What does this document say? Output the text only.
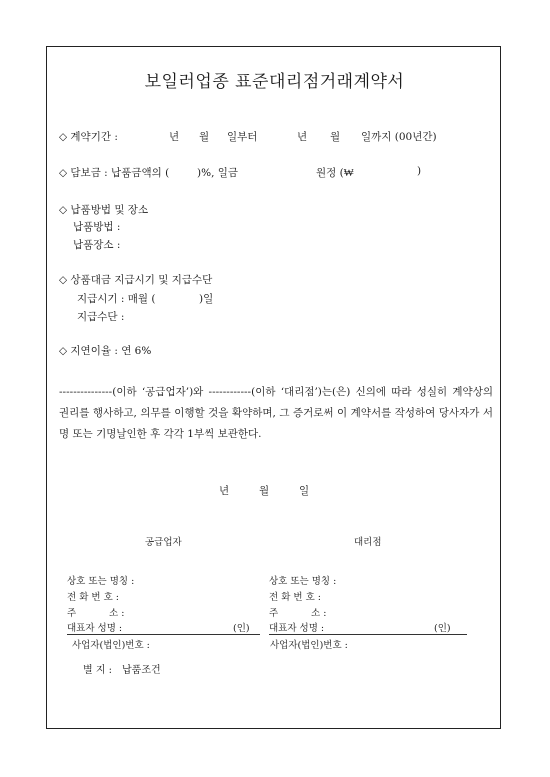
보일러업종 표준대리점거래계약서
◇ 계약기간 :	년 월 일부터	년 월 일까지 (00년간)
◇ 담보금 : 납품금액의 (	)%, 일금	원정 (₩	)
◇ 납품방법 및 장소
납품방법 :
납품장소 :
◇ 상품대금 지급시기 및 지급수단
지급시기 : 매월 (	)일
지급수단 :
◇ 지연이율 : 연 6%
---------------(이하 ‘공급업자’)와 ------------(이하 ‘대리점’)는(은) 신의에 따라 성실히 계약상의 권리를 행사하고, 의무를 이행할 것을 확약하며, 그 증거로써 이 계약서를 작성하여 당사자가 서명 또는 기명날인한 후 각각 1부씩 보관한다.
년	월	일
공급업자
상호 또는 명칭 :
전 화 번 호 :
주	소 :
대표자 성명 :	(인)
사업자(법인)번호 :
대리점
상호 또는 명칭 :
전 화 번 호 :
주	소 :
대표자 성명 :	(인)
사업자(법인)번호 :
별 지 : 납품조건
